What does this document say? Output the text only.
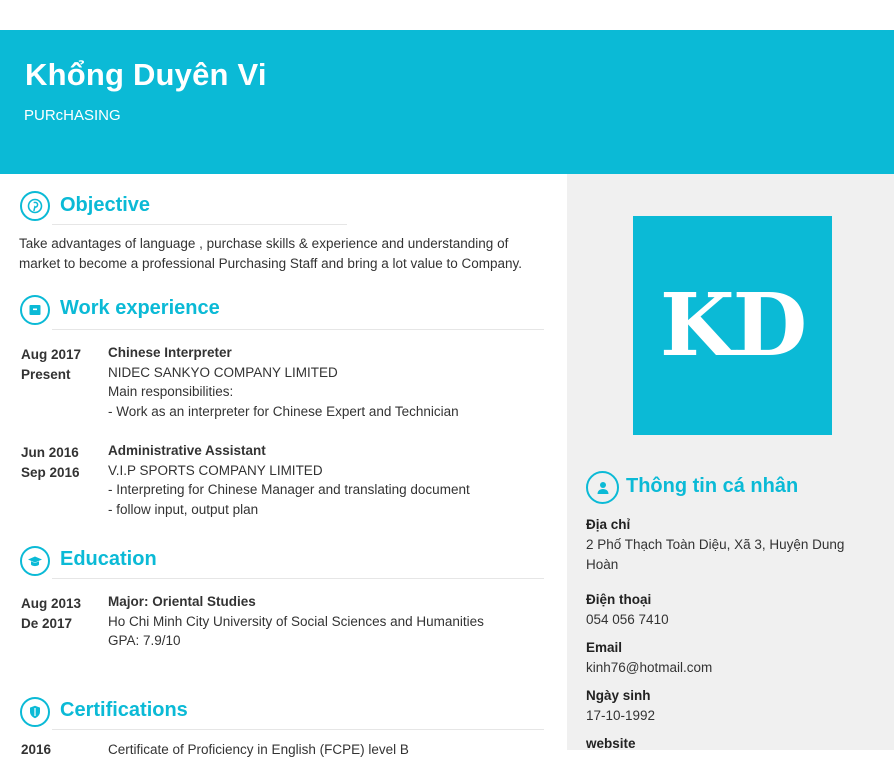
Khổng Duyên Vi
PURcHASING
KD
Objective
Take advantages of language , purchase skills & experience and understanding of
market to become a professional Purchasing Staff and bring a lot value to Company.
Work experience
Aug 2017
Present
Chinese Interpreter
NIDEC SANKYO COMPANY LIMITED
Main responsibilities:
- Work as an interpreter for Chinese Expert and Technician
Jun 2016
Sep 2016
Administrative Assistant
V.I.P SPORTS COMPANY LIMITED
- Interpreting for Chinese Manager and translating document
- follow input, output plan
Education
Aug 2013
De 2017
Major: Oriental Studies
Ho Chi Minh City University of Social Sciences and Humanities
GPA: 7.9/10
Certifications
2016	Certificate of Proficiency in English (FCPE) level B
Thông tin cá nhân
Địa chỉ
2 Phố Thạch Toàn Diệu, Xã 3, Huyện Dung
Hoàn
Điện thoại
054 056 7410
Email
kinh76@hotmail.com
Ngày sinh
17-10-1992
website
